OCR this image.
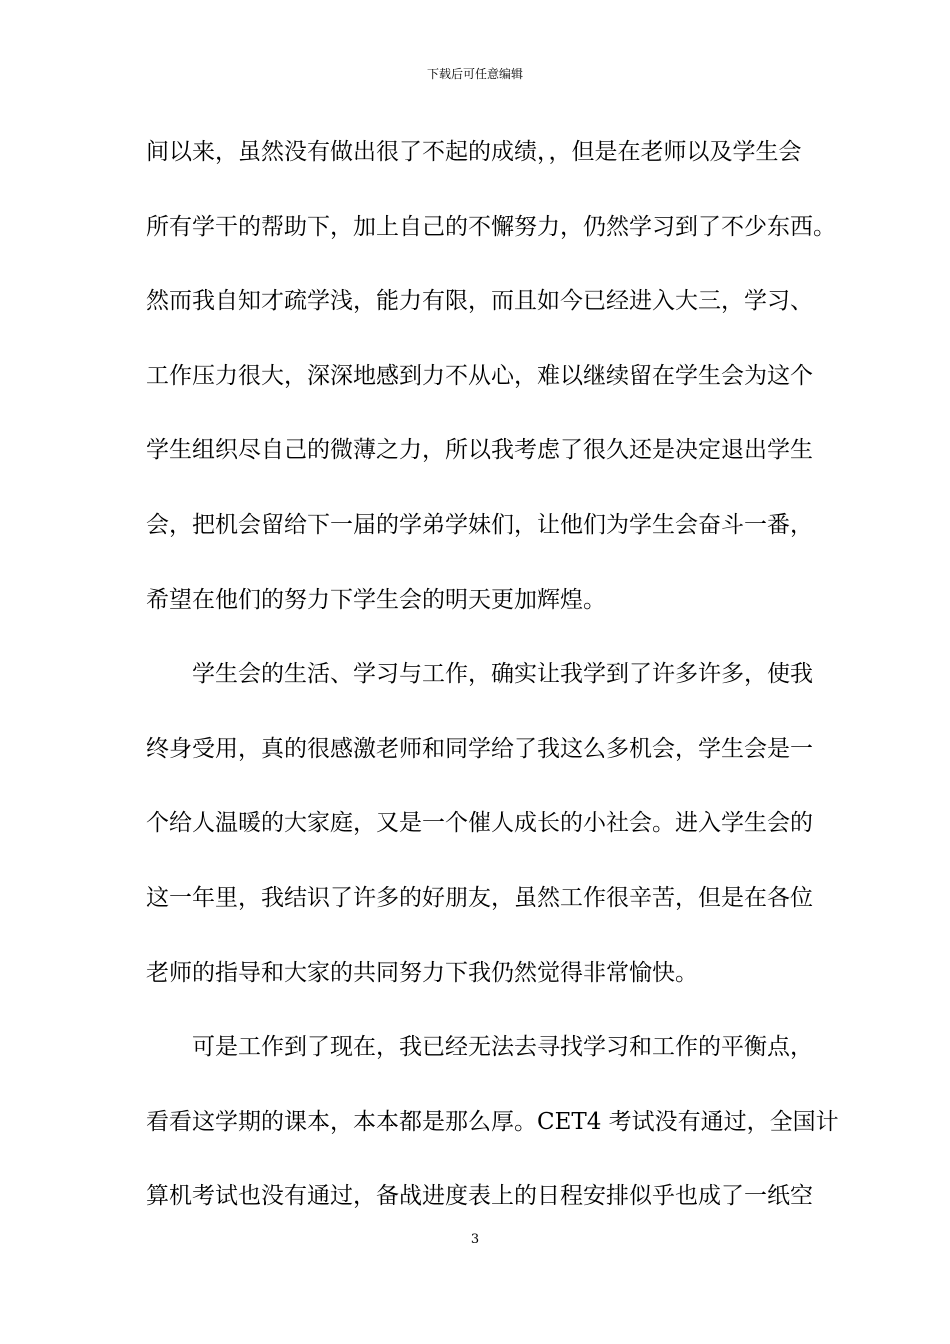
下载后可任意编辑
间以来，虽然没有做出很了不起的成绩，，但是在老师以及学生会
所有学干的帮助下，加上自己的不懈努力，仍然学习到了不少东西。
然而我自知才疏学浅，能力有限，而且如今已经进入大三，学习、
工作压力很大，深深地感到力不从心，难以继续留在学生会为这个
学生组织尽自己的微薄之力，所以我考虑了很久还是决定退出学生
会，把机会留给下一届的学弟学妹们，让他们为学生会奋斗一番，
希望在他们的努力下学生会的明天更加辉煌。
学生会的生活、学习与工作，确实让我学到了许多许多，使我
终身受用，真的很感激老师和同学给了我这么多机会，学生会是一
个给人温暖的大家庭，又是一个催人成长的小社会。进入学生会的
这一年里，我结识了许多的好朋友，虽然工作很辛苦，但是在各位
老师的指导和大家的共同努力下我仍然觉得非常愉快。
可是工作到了现在，我已经无法去寻找学习和工作的平衡点，
看看这学期的课本，本本都是那么厚。CET4 考试没有通过，全国计
算机考试也没有通过，备战进度表上的日程安排似乎也成了一纸空
3
